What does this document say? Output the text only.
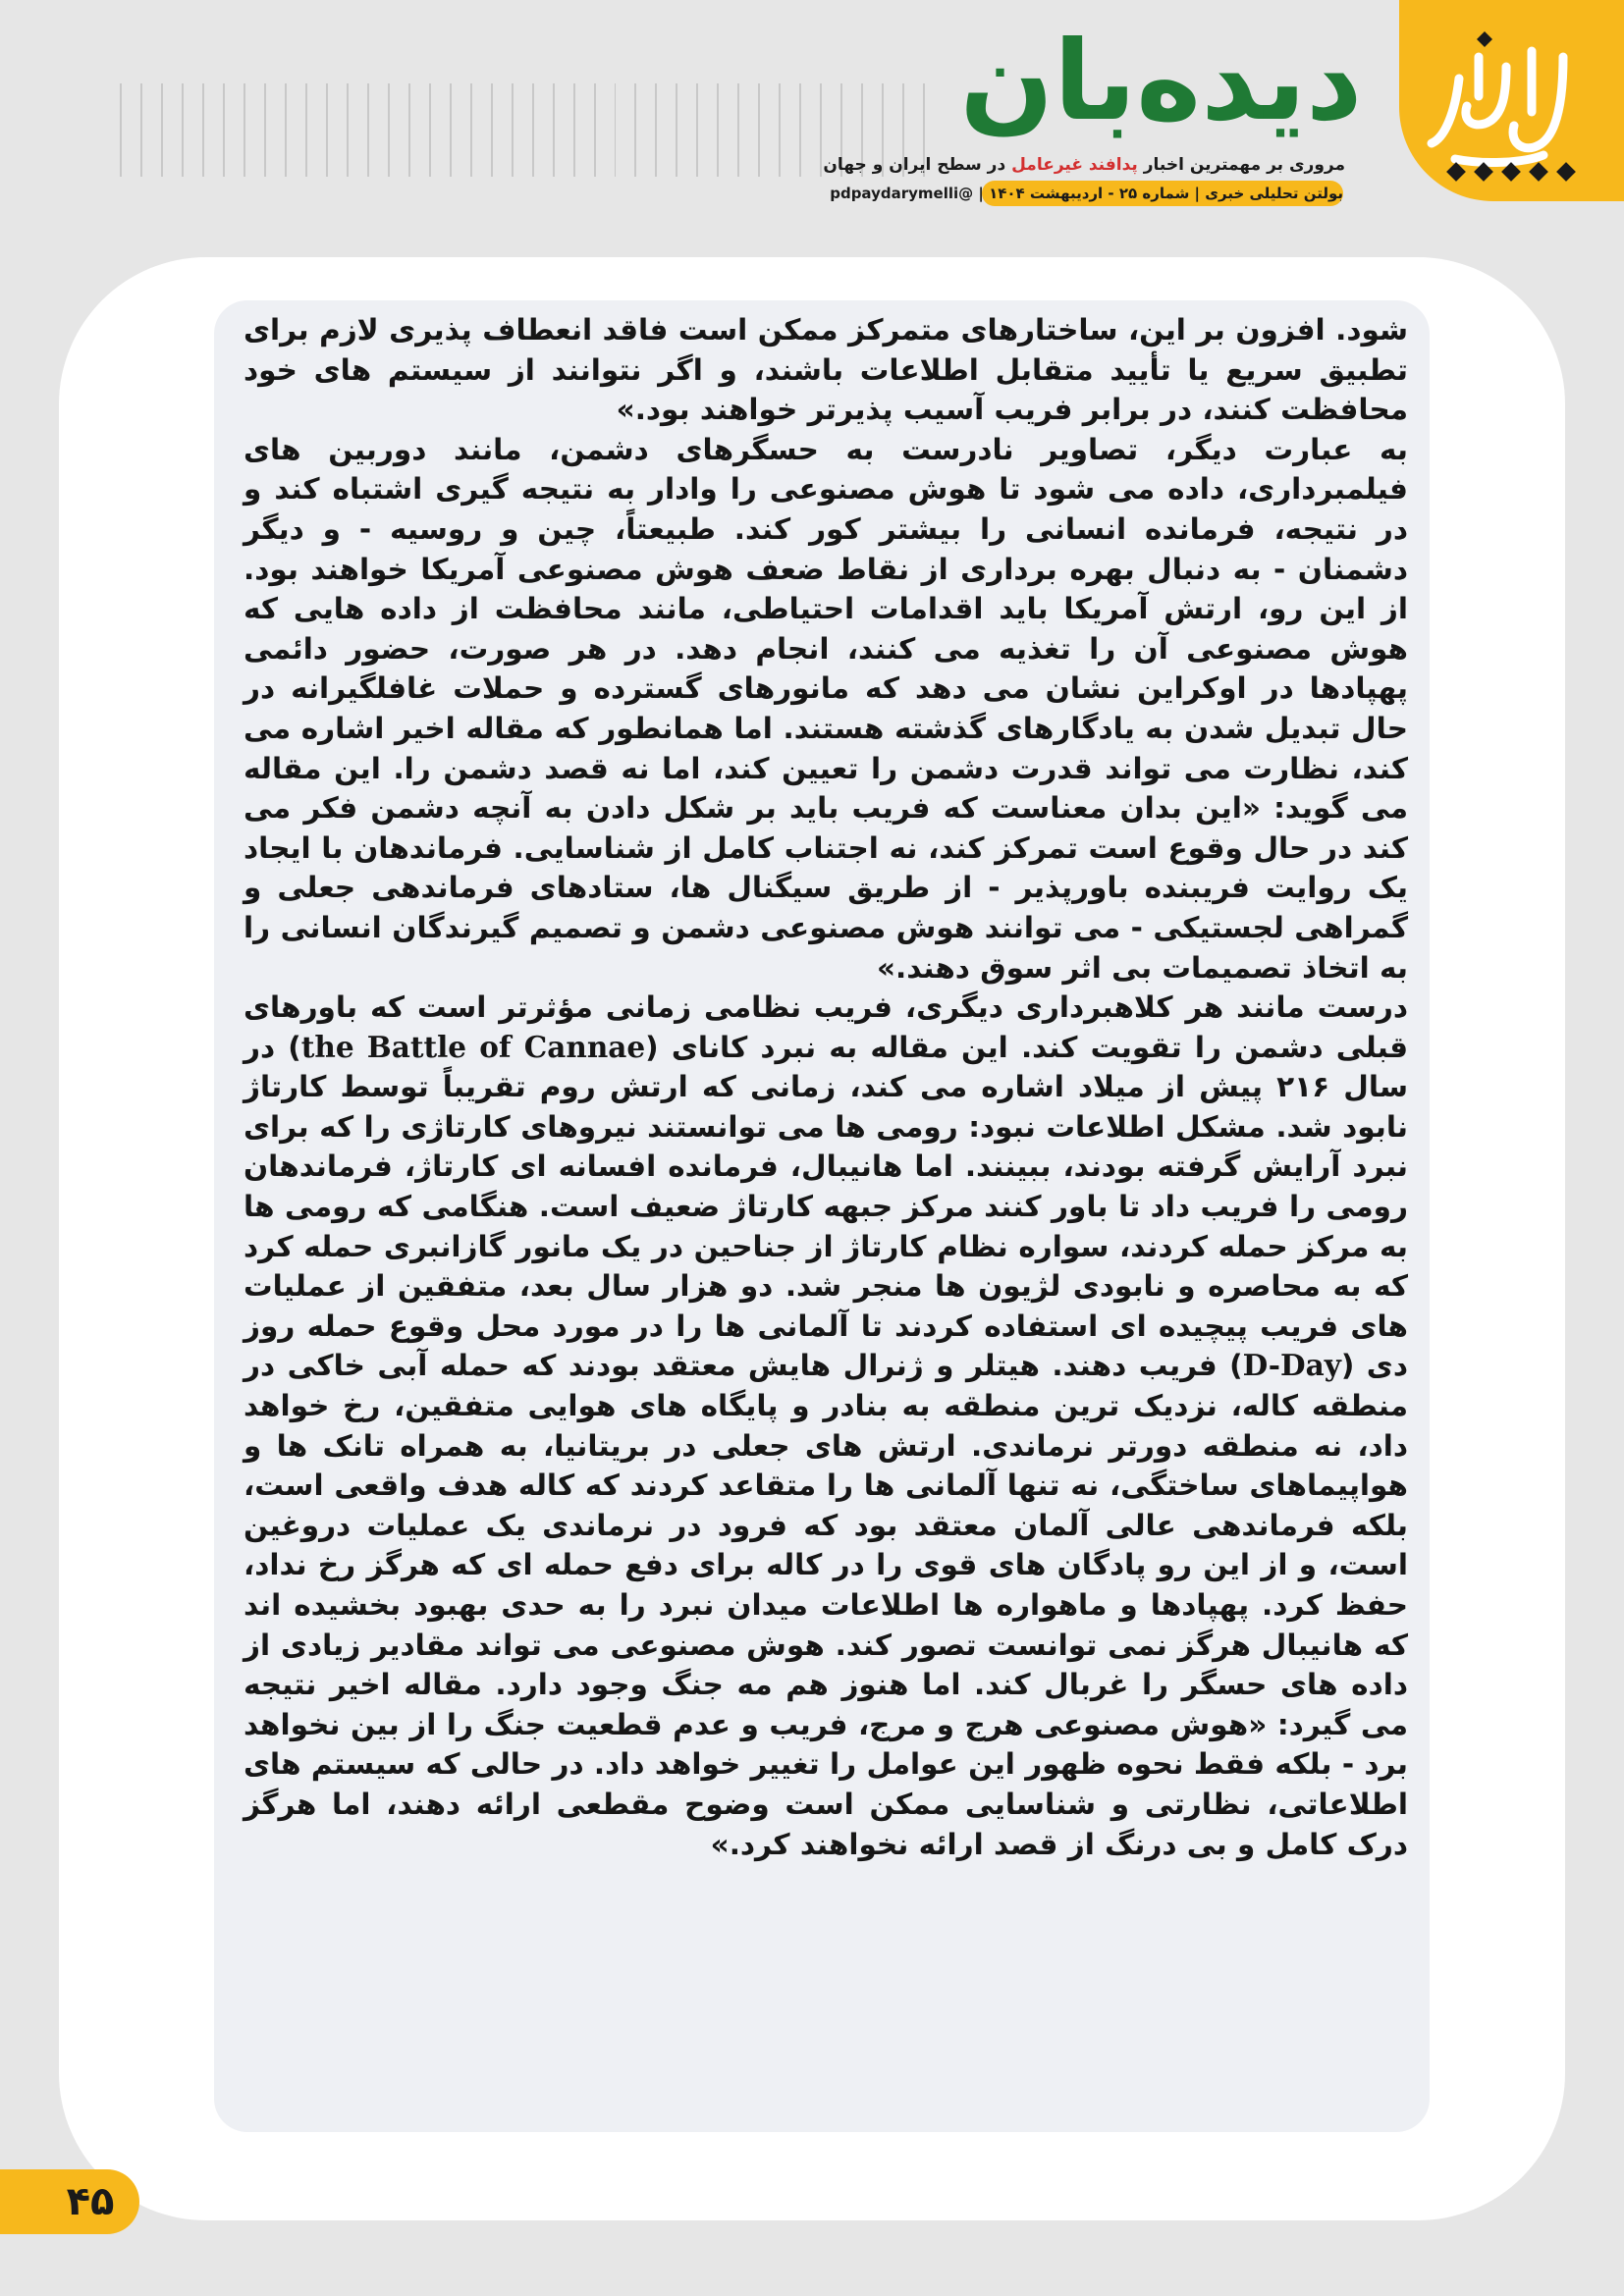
دیده‌بان
مروری بر مهمترین اخبار پدافند غیرعامل در سطح ایران و جهان
بولتن تحلیلی خبری | شماره ۲۵ - اردیبهشت ۱۴۰۴ | @pdpaydarymelli

شود. افزون بر این، ساختارهای متمرکز ممکن است فاقد انعطاف پذیری لازم برای تطبیق سریع یا تأیید متقابل اطلاعات باشند، و اگر نتوانند از سیستم های خود محافظت کنند، در برابر فریب آسیب پذیرتر خواهند بود.»

به عبارت دیگر، تصاویر نادرست به حسگرهای دشمن، مانند دوربین های فیلمبرداری، داده می شود تا هوش مصنوعی را وادار به نتیجه گیری اشتباه کند و در نتیجه، فرمانده انسانی را بیشتر کور کند. طبیعتاً، چین و روسیه - و دیگر دشمنان - به دنبال بهره برداری از نقاط ضعف هوش مصنوعی آمریکا خواهند بود. از این رو، ارتش آمریکا باید اقدامات احتیاطی، مانند محافظت از داده هایی که هوش مصنوعی آن را تغذیه می کنند، انجام دهد. در هر صورت، حضور دائمی پهپادها در اوکراین نشان می دهد که مانورهای گسترده و حملات غافلگیرانه در حال تبدیل شدن به یادگارهای گذشته هستند. اما همانطور که مقاله اخیر اشاره می کند، نظارت می تواند قدرت دشمن را تعیین کند، اما نه قصد دشمن را. این مقاله می گوید: «این بدان معناست که فریب باید بر شکل دادن به آنچه دشمن فکر می کند در حال وقوع است تمرکز کند، نه اجتناب کامل از شناسایی. فرماندهان با ایجاد یک روایت فریبنده باورپذیر - از طریق سیگنال ها، ستادهای فرماندهی جعلی و گمراهی لجستیکی - می توانند هوش مصنوعی دشمن و تصمیم گیرندگان انسانی را به اتخاذ تصمیمات بی اثر سوق دهند.»

درست مانند هر کلاهبرداری دیگری، فریب نظامی زمانی مؤثرتر است که باورهای قبلی دشمن را تقویت کند. این مقاله به نبرد کانای (the Battle of Cannae) در سال ۲۱۶ پیش از میلاد اشاره می کند، زمانی که ارتش روم تقریباً توسط کارتاژ نابود شد. مشکل اطلاعات نبود: رومی ها می توانستند نیروهای کارتاژی را که برای نبرد آرایش گرفته بودند، ببینند. اما هانیبال، فرمانده افسانه ای کارتاژ، فرماندهان رومی را فریب داد تا باور کنند مرکز جبهه کارتاژ ضعیف است. هنگامی که رومی ها به مرکز حمله کردند، سواره نظام کارتاژ از جناحین در یک مانور گازانبری حمله کرد که به محاصره و نابودی لژیون ها منجر شد. دو هزار سال بعد، متفقین از عملیات های فریب پیچیده ای استفاده کردند تا آلمانی ها را در مورد محل وقوع حمله روز دی (D-Day) فریب دهند. هیتلر و ژنرال هایش معتقد بودند که حمله آبی خاکی در منطقه کاله، نزدیک ترین منطقه به بنادر و پایگاه های هوایی متفقین، رخ خواهد داد، نه منطقه دورتر نرماندی. ارتش های جعلی در بریتانیا، به همراه تانک ها و هواپیماهای ساختگی، نه تنها آلمانی ها را متقاعد کردند که کاله هدف واقعی است، بلکه فرماندهی عالی آلمان معتقد بود که فرود در نرماندی یک عملیات دروغین است، و از این رو پادگان های قوی را در کاله برای دفع حمله ای که هرگز رخ نداد، حفظ کرد. پهپادها و ماهواره ها اطلاعات میدان نبرد را به حدی بهبود بخشیده اند که هانیبال هرگز نمی توانست تصور کند. هوش مصنوعی می تواند مقادیر زیادی از داده های حسگر را غربال کند. اما هنوز هم مه جنگ وجود دارد. مقاله اخیر نتیجه می گیرد: «هوش مصنوعی هرج و مرج، فریب و عدم قطعیت جنگ را از بین نخواهد برد - بلکه فقط نحوه ظهور این عوامل را تغییر خواهد داد. در حالی که سیستم های اطلاعاتی، نظارتی و شناسایی ممکن است وضوح مقطعی ارائه دهند، اما هرگز درک کامل و بی درنگ از قصد ارائه نخواهند کرد.»

۴۵
